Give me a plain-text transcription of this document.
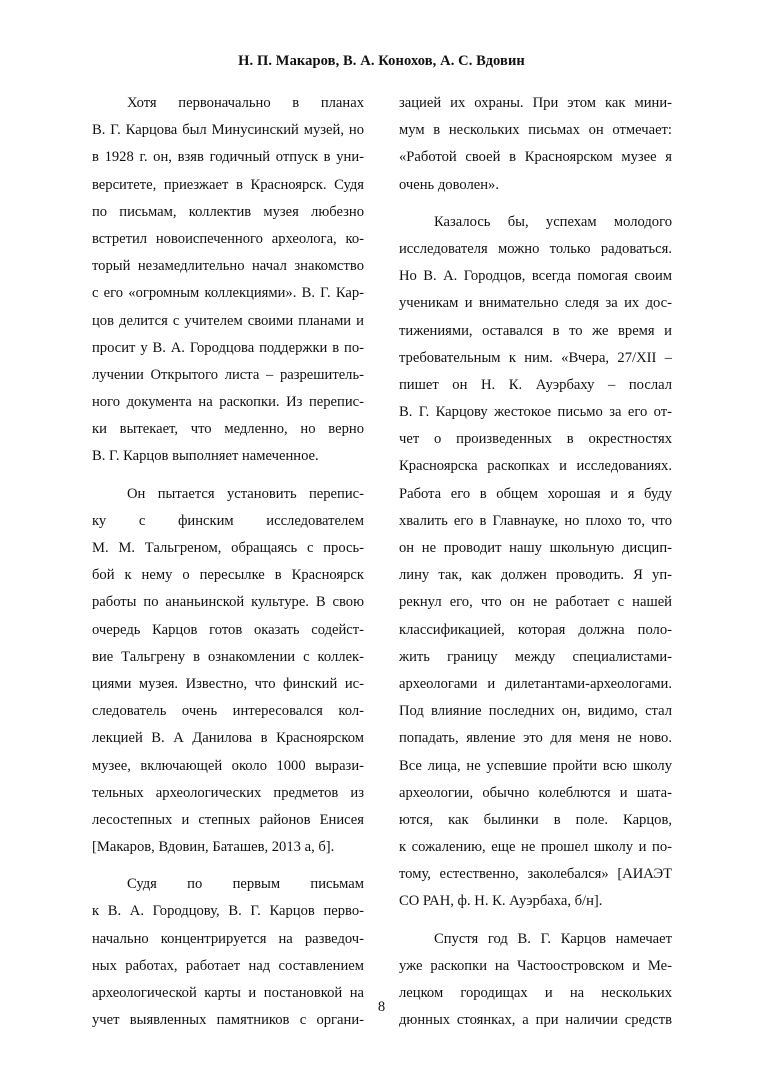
Н. П. Макаров, В. А. Конохов, А. С. Вдовин
Хотя первоначально в планах
В. Г. Карцова был Минусинский музей, но
в 1928 г. он, взяв годичный отпуск в уни-
верситете, приезжает в Красноярск. Судя
по письмам, коллектив музея любезно
встретил новоиспеченного археолога, ко-
торый незамедлительно начал знакомство
с его «огромным коллекциями». В. Г. Кар-
цов делится с учителем своими планами и
просит у В. А. Городцова поддержки в по-
лучении Открытого листа – разрешитель-
ного документа на раскопки. Из перепис-
ки вытекает, что медленно, но верно
В. Г. Карцов выполняет намеченное.
Он пытается установить перепис-
ку с финским исследователем
М. М. Тальгреном, обращаясь с прось-
бой к нему о пересылке в Красноярск
работы по ананьинской культуре. В свою
очередь Карцов готов оказать содейст-
вие Тальгрену в ознакомлении с коллек-
циями музея. Известно, что финский ис-
следователь очень интересовался кол-
лекцией В. А Данилова в Красноярском
музее, включающей около 1000 вырази-
тельных археологических предметов из
лесостепных и степных районов Енисея
[Макаров, Вдовин, Баташев, 2013 а, б].
Судя по первым письмам
к В. А. Городцову, В. Г. Карцов перво-
начально концентрируется на разведоч-
ных работах, работает над составлением
археологической карты и постановкой на
учет выявленных памятников с органи-
зацией их охраны. При этом как мини-
мум в нескольких письмах он отмечает:
«Работой своей в Красноярском музее я
очень доволен».
Казалось бы, успехам молодого
исследователя можно только радоваться.
Но В. А. Городцов, всегда помогая своим
ученикам и внимательно следя за их дос-
тижениями, оставался в то же время и
требовательным к ним. «Вчера, 27/XII –
пишет он Н. К. Ауэрбаху – послал
В. Г. Карцову жестокое письмо за его от-
чет о произведенных в окрестностях
Красноярска раскопках и исследованиях.
Работа его в общем хорошая и я буду
хвалить его в Главнауке, но плохо то, что
он не проводит нашу школьную дисцип-
лину так, как должен проводить. Я уп-
рекнул его, что он не работает с нашей
классификацией, которая должна поло-
жить границу между специалистами-
археологами и дилетантами-археологами.
Под влияние последних он, видимо, стал
попадать, явление это для меня не ново.
Все лица, не успевшие пройти всю школу
археологии, обычно колеблются и шата-
ются, как былинки в поле. Карцов,
к сожалению, еще не прошел школу и по-
тому, естественно, заколебался» [АИАЭТ
СО РАН, ф. Н. К. Ауэрбаха, б/н].
Спустя год В. Г. Карцов намечает
уже раскопки на Частоостровском и Ме-
лецком городищах и на нескольких
дюнных стоянках, а при наличии средств
8
